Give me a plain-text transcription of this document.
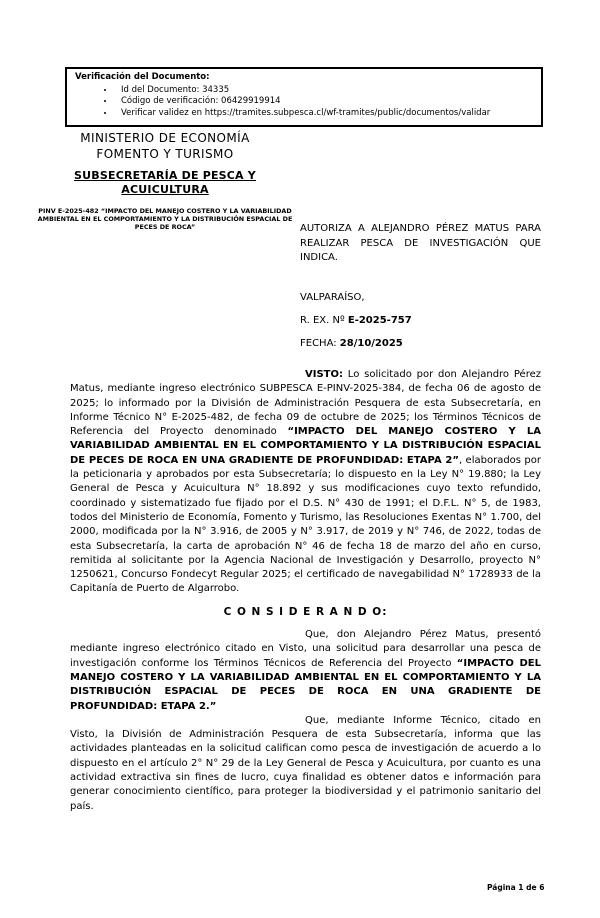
Verificación del Documento:
• Id del Documento: 34335
• Código de verificación: 06429919914
• Verificar validez en https://tramites.subpesca.cl/wf-tramites/public/documentos/validar
MINISTERIO DE ECONOMÍA
FOMENTO Y TURISMO
SUBSECRETARÍA DE PESCA Y
ACUICULTURA
PINV E-2025-482 “IMPACTO DEL MANEJO COSTERO Y LA VARIABILIDAD AMBIENTAL EN EL COMPORTAMIENTO Y LA DISTRIBUCIÓN ESPACIAL DE PECES DE ROCA”	AUTORIZA A ALEJANDRO PÉREZ MATUS PARA REALIZAR PESCA DE INVESTIGACIÓN QUE INDICA.
VALPARAÍSO,
R. EX. Nº E-2025-757
FECHA: 28/10/2025

VISTO: Lo solicitado por don Alejandro Pérez Matus, mediante ingreso electrónico SUBPESCA E-PINV-2025-384, de fecha 06 de agosto de 2025; lo informado por la División de Administración Pesquera de esta Subsecretaría, en Informe Técnico N° E-2025-482, de fecha 09 de octubre de 2025; los Términos Técnicos de Referencia del Proyecto denominado “IMPACTO DEL MANEJO COSTERO Y LA VARIABILIDAD AMBIENTAL EN EL COMPORTAMIENTO Y LA DISTRIBUCIÓN ESPACIAL DE PECES DE ROCA EN UNA GRADIENTE DE PROFUNDIDAD: ETAPA 2”, elaborados por la peticionaria y aprobados por esta Subsecretaría; lo dispuesto en la Ley N° 19.880; la Ley General de Pesca y Acuicultura N° 18.892 y sus modificaciones cuyo texto refundido, coordinado y sistematizado fue fijado por el D.S. N° 430 de 1991; el D.F.L. N° 5, de 1983, todos del Ministerio de Economía, Fomento y Turismo, las Resoluciones Exentas N° 1.700, del 2000, modificada por la N° 3.916, de 2005 y N° 3.917, de 2019 y N° 746, de 2022, todas de esta Subsecretaría, la carta de aprobación N° 46 de fecha 18 de marzo del año en curso, remitida al solicitante por la Agencia Nacional de Investigación y Desarrollo, proyecto N° 1250621, Concurso Fondecyt Regular 2025; el certificado de navegabilidad N° 1728933 de la Capitanía de Puerto de Algarrobo.

C O N S I D E R A N D O:

Que, don Alejandro Pérez Matus, presentó mediante ingreso electrónico citado en Visto, una solicitud para desarrollar una pesca de investigación conforme los Términos Técnicos de Referencia del Proyecto “IMPACTO DEL MANEJO COSTERO Y LA VARIABILIDAD AMBIENTAL EN EL COMPORTAMIENTO Y LA DISTRIBUCIÓN ESPACIAL DE PECES DE ROCA EN UNA GRADIENTE DE PROFUNDIDAD: ETAPA 2.”

Que, mediante Informe Técnico, citado en Visto, la División de Administración Pesquera de esta Subsecretaría, informa que las actividades planteadas en la solicitud califican como pesca de investigación de acuerdo a lo dispuesto en el artículo 2° N° 29 de la Ley General de Pesca y Acuicultura, por cuanto es una actividad extractiva sin fines de lucro, cuya finalidad es obtener datos e información para generar conocimiento científico, para proteger la biodiversidad y el patrimonio sanitario del país.

Página 1 de 6
